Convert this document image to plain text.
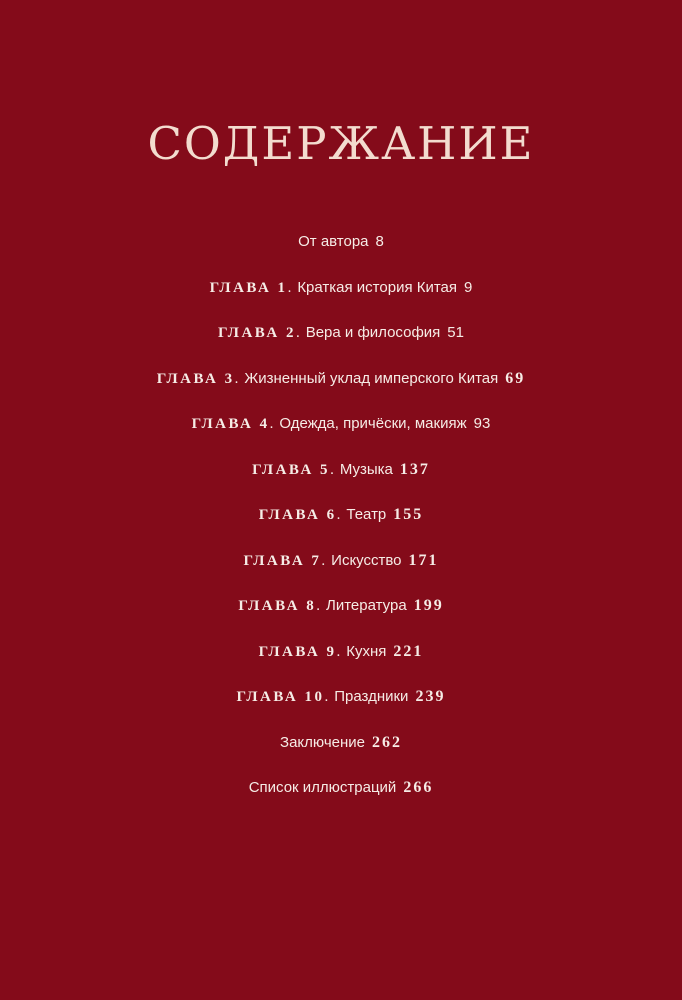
СОДЕРЖАНИЕ
От автора 8
ГЛАВА 1. Краткая история Китая 9
ГЛАВА 2. Вера и философия 51
ГЛАВА 3. Жизненный уклад имперского Китая 69
ГЛАВА 4. Одежда, причёски, макияж 93
ГЛАВА 5. Музыка 137
ГЛАВА 6. Театр 155
ГЛАВА 7. Искусство 171
ГЛАВА 8. Литература 199
ГЛАВА 9. Кухня 221
ГЛАВА 10. Праздники 239
Заключение 262
Список иллюстраций 266
